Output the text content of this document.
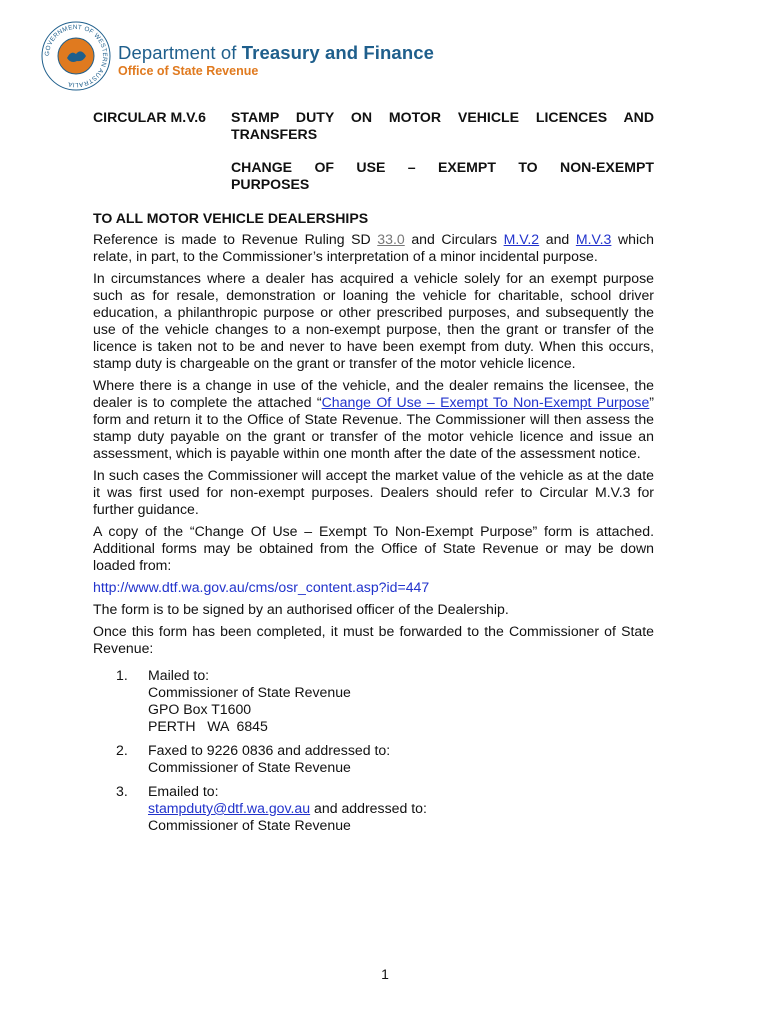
GOVERNMENT OF WESTERN AUSTRALIA
Department of Treasury and Finance
Office of State Revenue
CIRCULAR M.V.6	STAMP DUTY ON MOTOR VEHICLE LICENCES AND
TRANSFERS
CHANGE OF USE – EXEMPT TO NON-EXEMPT
PURPOSES
TO ALL MOTOR VEHICLE DEALERSHIPS

Reference is made to Revenue Ruling SD 33.0 and Circulars M.V.2 and M.V.3 which relate, in part, to the Commissioner’s interpretation of a minor incidental purpose.

In circumstances where a dealer has acquired a vehicle solely for an exempt purpose such as for resale, demonstration or loaning the vehicle for charitable, school driver education, a philanthropic purpose or other prescribed purposes, and subsequently the use of the vehicle changes to a non-exempt purpose, then the grant or transfer of the licence is taken not to be and never to have been exempt from duty. When this occurs, stamp duty is chargeable on the grant or transfer of the motor vehicle licence.

Where there is a change in use of the vehicle, and the dealer remains the licensee, the dealer is to complete the attached “Change Of Use – Exempt To Non-Exempt Purpose” form and return it to the Office of State Revenue. The Commissioner will then assess the stamp duty payable on the grant or transfer of the motor vehicle licence and issue an assessment, which is payable within one month after the date of the assessment notice.

In such cases the Commissioner will accept the market value of the vehicle as at the date it was first used for non-exempt purposes. Dealers should refer to Circular M.V.3 for further guidance.

A copy of the “Change Of Use – Exempt To Non-Exempt Purpose” form is attached. Additional forms may be obtained from the Office of State Revenue or may be down loaded from:

http://www.dtf.wa.gov.au/cms/osr_content.asp?id=447

The form is to be signed by an authorised officer of the Dealership.

Once this form has been completed, it must be forwarded to the Commissioner of State Revenue:

1.	Mailed to:
Commissioner of State Revenue
GPO Box T1600
PERTH   WA  6845
2.	Faxed to 9226 0836 and addressed to:
Commissioner of State Revenue
3.	Emailed to:
stampduty@dtf.wa.gov.au and addressed to:
Commissioner of State Revenue
1
